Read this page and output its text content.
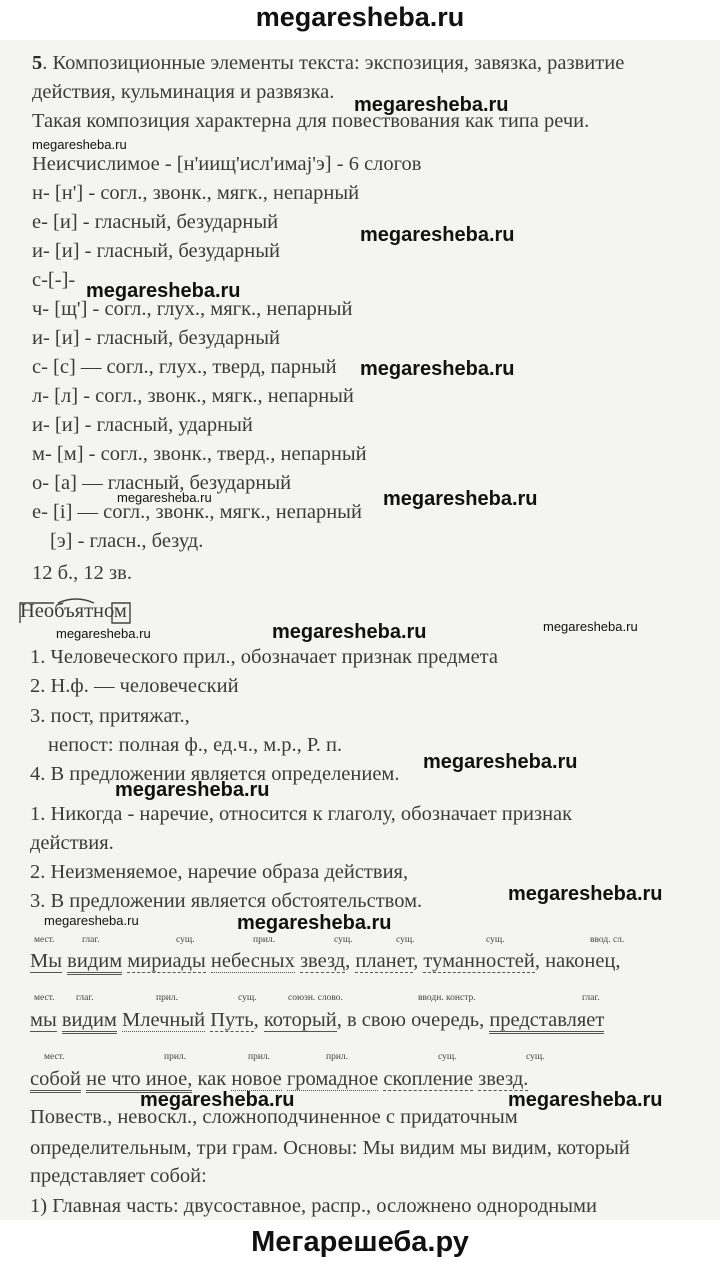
megaresheba.ru
5. Композиционные элементы текста: экспозиция, завязка, развитие
действия, кульминация и развязка.
Такая композиция характерна для повествования как типа речи.
Неисчислимое - [н'иищ'исл'имај'э] - 6 слогов
н- [н'] - согл., звонк., мягк., непарный
е- [и] - гласный, безударный
и- [и] - гласный, безударный
с-[-]-
ч- [щ'] - согл., глух., мягк., непарный
и- [и] - гласный, безударный
с- [с] — согл., глух., тверд, парный
л- [л] - согл., звонк., мягк., непарный
и- [и] - гласный, ударный
м- [м] - согл., звонк., тверд., непарный
о- [а] — гласный, безударный
е- [i] — согл., звонк., мягк., непарный
[э] - гласн., безуд.
12 б., 12 зв.
Необъятном
1. Человеческого прил., обозначает признак предмета
2. Н.ф. — человеческий
3. пост, притяжат.,
непост: полная ф., ед.ч., м.р., Р. п.
4. В предложении является определением.
1. Никогда - наречие, относится к глаголу, обозначает признак
действия.
2. Неизменяемое, наречие образа действия,
3. В предложении является обстоятельством.
мест.	глаг.	сущ.	прил.	сущ.	сущ.	сущ.	ввод. сл.
Мы видим мириады небесных звезд, планет, туманностей, наконец,
мест. глаг.	прил.	сущ.	союзн. слово.	вводн. констр.	глаг.
мы видим Млечный Путь, который, в свою очередь, представляет
мест.	прил.	прил.	прил.	сущ.	сущ.
собой не что иное, как новое громадное скопление звезд.
Повеств., невоскл., сложноподчиненное с придаточным
определительным, три грам. Основы: Мы видим мы видим, который
представляет собой:
1) Главная часть: двусоставное, распр., осложнено однородными
megaresheba.ru
megaresheba.ru
megaresheba.ru
megaresheba.ru
megaresheba.ru
megaresheba.ru	megaresheba.ru
megaresheba.ru	megaresheba.ru	megaresheba.ru
megaresheba.ru
megaresheba.ru
megaresheba.ru
megaresheba.ru	megaresheba.ru
megaresheba.ru	megaresheba.ru
Мегарешеба.ру
